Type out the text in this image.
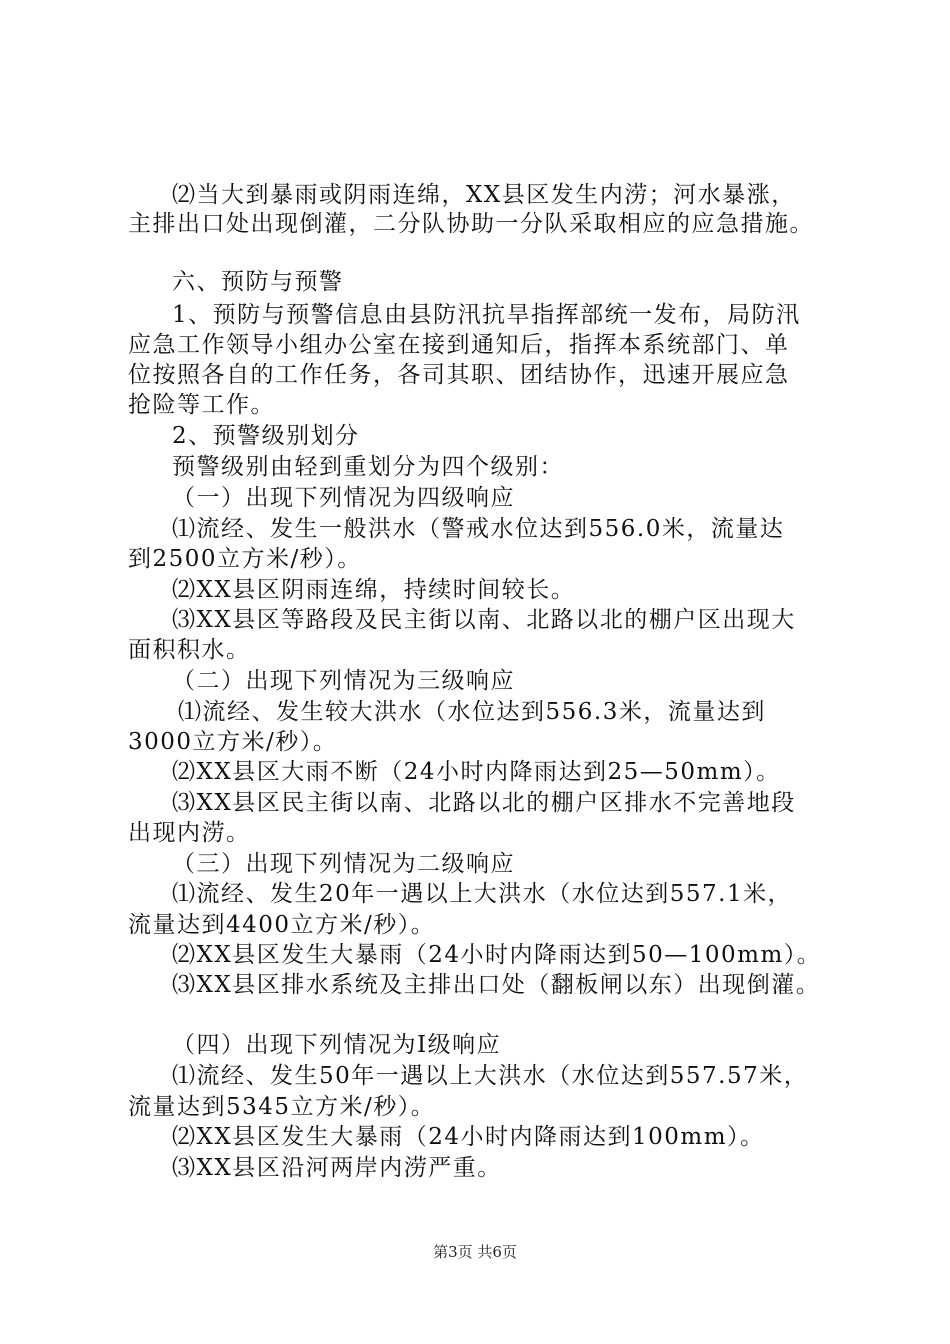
⑵当大到暴雨或阴雨连绵，XX县区发生内涝；河水暴涨，
主排出口处出现倒灌，二分队协助一分队采取相应的应急措施。
六、预防与预警
1、预防与预警信息由县防汛抗旱指挥部统一发布，局防汛
应急工作领导小组办公室在接到通知后，指挥本系统部门、单
位按照各自的工作任务，各司其职、团结协作，迅速开展应急
抢险等工作。
2、预警级别划分
预警级别由轻到重划分为四个级别：
（一）出现下列情况为四级响应
⑴流经、发生一般洪水（警戒水位达到556.0米，流量达
到2500立方米/秒）。
⑵XX县区阴雨连绵，持续时间较长。
⑶XX县区等路段及民主街以南、北路以北的棚户区出现大
面积积水。
（二）出现下列情况为三级响应
⑴流经、发生较大洪水（水位达到556.3米，流量达到
3000立方米/秒）。
⑵XX县区大雨不断（24小时内降雨达到25—50mm）。
⑶XX县区民主街以南、北路以北的棚户区排水不完善地段
出现内涝。
（三）出现下列情况为二级响应
⑴流经、发生20年一遇以上大洪水（水位达到557.1米，
流量达到4400立方米/秒）。
⑵XX县区发生大暴雨（24小时内降雨达到50—100mm）。
⑶XX县区排水系统及主排出口处（翻板闸以东）出现倒灌。
（四）出现下列情况为Ⅰ级响应
⑴流经、发生50年一遇以上大洪水（水位达到557.57米，
流量达到5345立方米/秒）。
⑵XX县区发生大暴雨（24小时内降雨达到100mm）。
⑶XX县区沿河两岸内涝严重。
第3页 共6页
